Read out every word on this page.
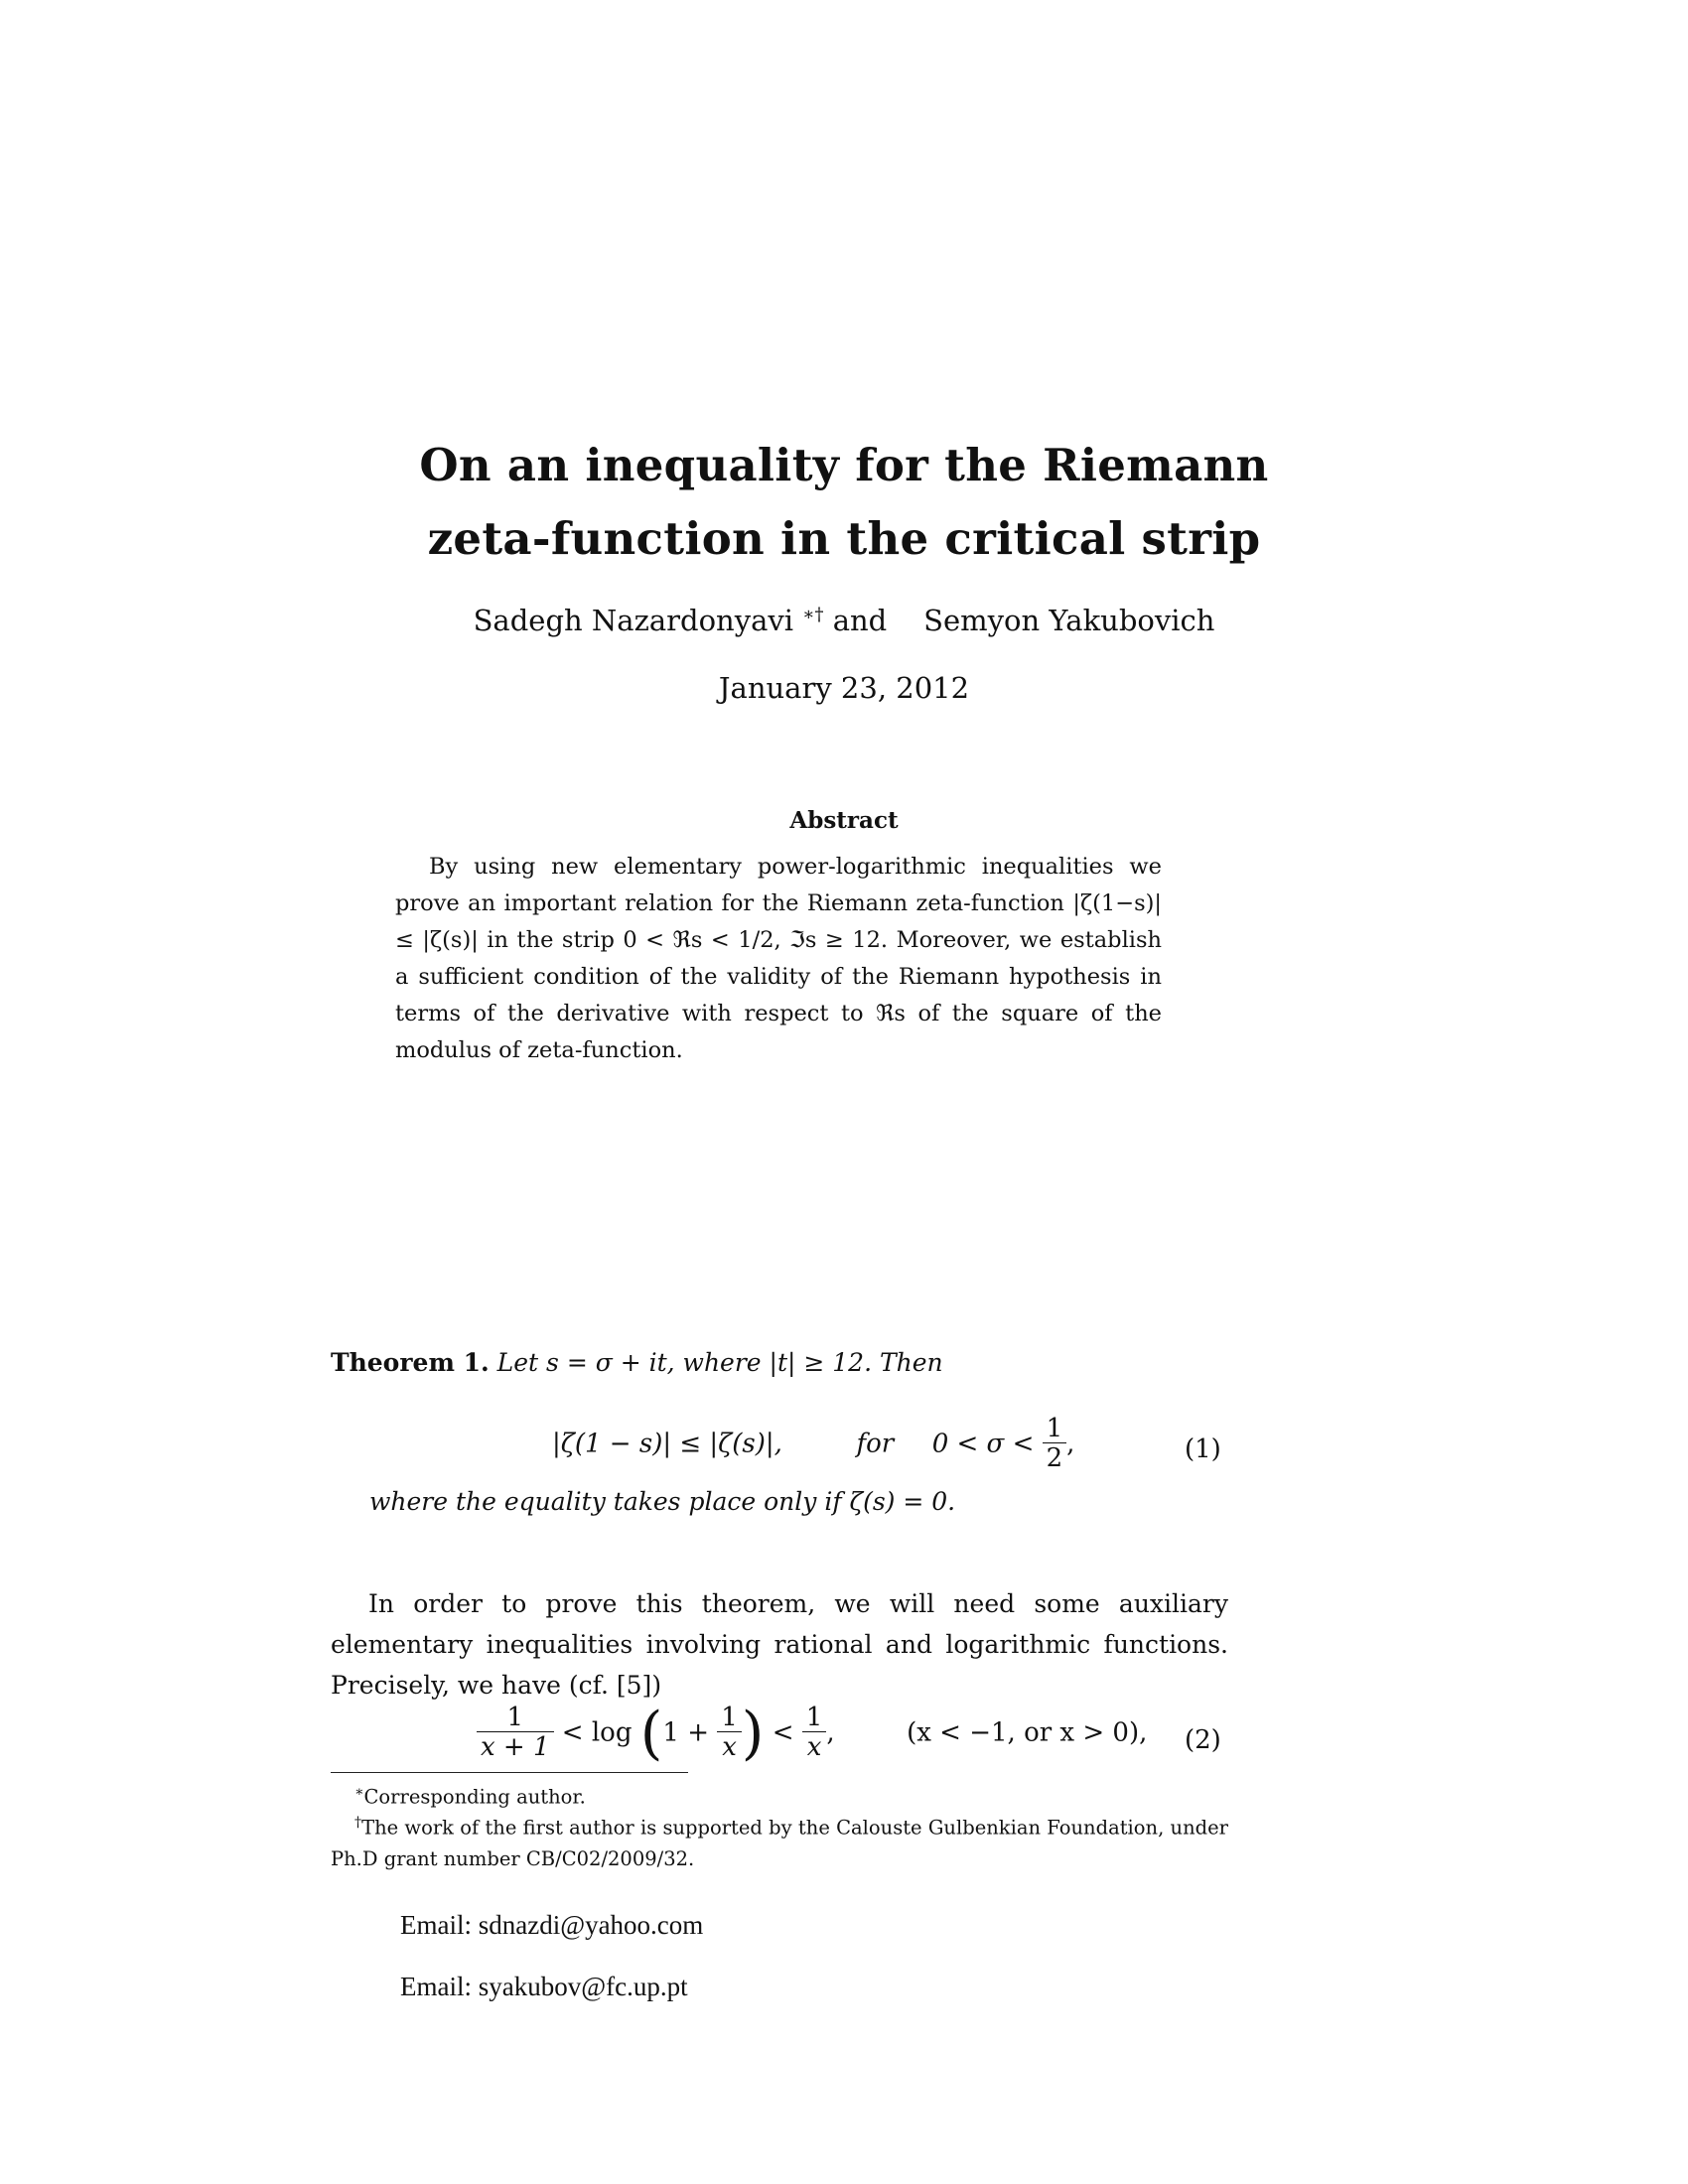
On an inequality for the Riemann
zeta-function in the critical strip
Sadegh Nazardonyavi ∗† and Semyon Yakubovich
January 23, 2012
Abstract
By using new elementary power-logarithmic inequalities we prove an important relation for the Riemann zeta-function |ζ(1−s)| ≤ |ζ(s)| in the strip 0 < ℜs < 1/2, ℑs ≥ 12. Moreover, we establish a sufficient condition of the validity of the Riemann hypothesis in terms of the derivative with respect to ℜs of the square of the modulus of zeta-function.
Theorem 1. Let s = σ + it, where |t| ≥ 12. Then
|ζ(1 − s)| ≤ |ζ(s)|,	for $0 < \sigma < \frac{1}{2}$ ,	(1)
where the equality takes place only if ζ(s) = 0.
In order to prove this theorem, we will need some auxiliary elementary inequalities involving rational and logarithmic functions. Precisely, we have (cf. [5])
$\frac{1}{x + 1} < \log (1 + \frac{1}{x}$ ) < $\frac{1}{x}$ ,	(x < −1, or x > 0), (2)
∗Corresponding author.
†The work of the first author is supported by the Calouste Gulbenkian Foundation, under Ph.D grant number CB/C02/2009/32.
Email: sdnazdi@yahoo.com
Email: syakubov@fc.up.pt
